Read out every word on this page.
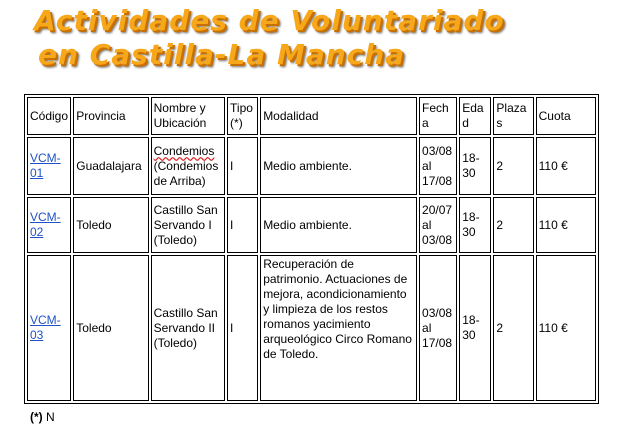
Actividades de Voluntariado
en Castilla-La Mancha
Código	Provincia	Nombre y Ubicación	Tipo (*)	Modalidad	Fecha	Edad	Plazas	Cuota
VCM-01	Guadalajara	Condemios (Condemios de Arriba)	I	Medio ambiente.	03/08 al 17/08	18-30	2	110 €
VCM-02	Toledo	Castillo San Servando I (Toledo)	I	Medio ambiente.	20/07 al 03/08	18-30	2	110 €
VCM-03	Toledo	Castillo San Servando II (Toledo)	I	Recuperación de patrimonio. Actuaciones de mejora, acondicionamiento y limpieza de los restos romanos yacimiento arqueológico Circo Romano de Toledo.	03/08 al 17/08	18-30	2	110 €
(*) N
